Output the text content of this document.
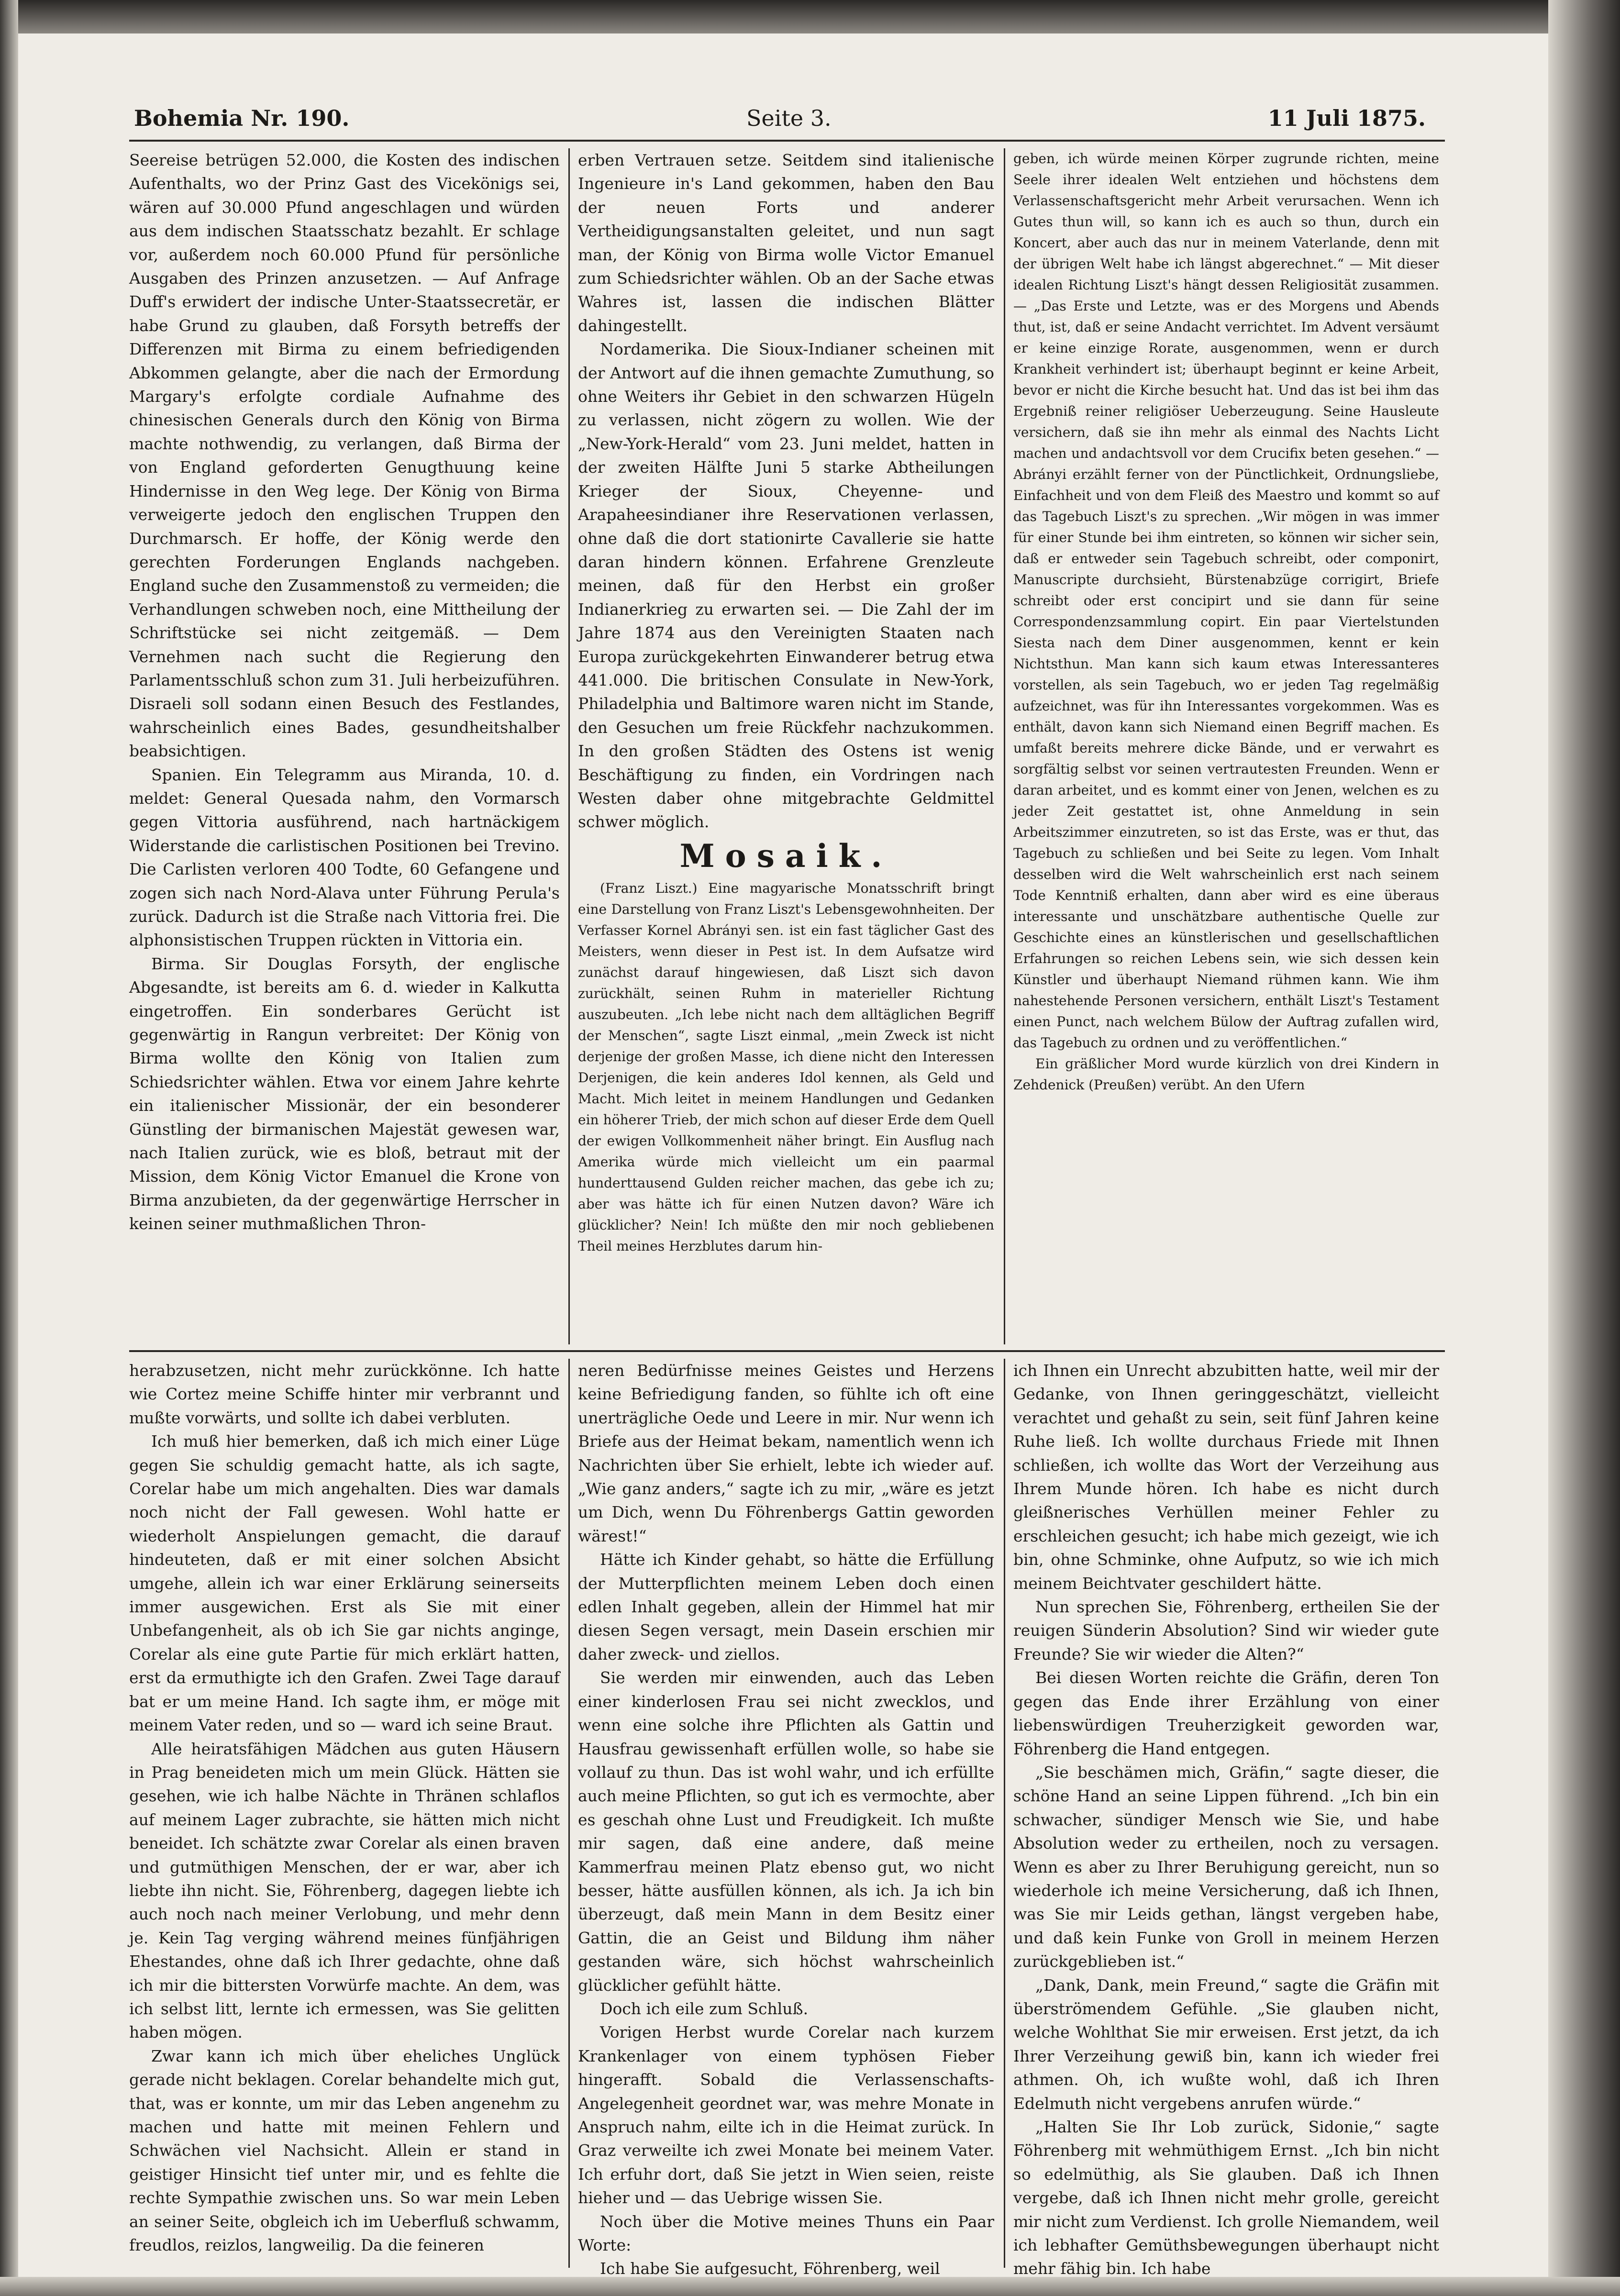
Bohemia Nr. 190.	Seite 3.	11 Juli 1875.

Seereise betrügen 52.000, die Kosten des indischen Aufenthalts, wo der Prinz Gast des Vicekönigs sei, wären auf 30.000 Pfund angeschlagen und würden aus dem indischen Staatsschatz bezahlt. Er schlage vor, außerdem noch 60.000 Pfund für persönliche Ausgaben des Prinzen anzusetzen. — Auf Anfrage Duff's erwidert der indische Unter-Staatssecretär, er habe Grund zu glauben, daß Forsyth betreffs der Differenzen mit Birma zu einem befriedigenden Abkommen gelangte, aber die nach der Ermordung Margary's erfolgte cordiale Aufnahme des chinesischen Generals durch den König von Birma machte nothwendig, zu verlangen, daß Birma der von England geforderten Genugthuung keine Hindernisse in den Weg lege. Der König von Birma verweigerte jedoch den englischen Truppen den Durchmarsch. Er hoffe, der König werde den gerechten Forderungen Englands nachgeben. England suche den Zusammenstoß zu vermeiden; die Verhandlungen schweben noch, eine Mittheilung der Schriftstücke sei nicht zeitgemäß. — Dem Vernehmen nach sucht die Regierung den Parlamentsschluß schon zum 31. Juli herbeizuführen. Disraeli soll sodann einen Besuch des Festlandes, wahrscheinlich eines Bades, gesundheitshalber beabsichtigen.

Spanien. Ein Telegramm aus Miranda, 10. d. meldet: General Quesada nahm, den Vormarsch gegen Vittoria ausführend, nach hartnäckigem Widerstande die carlistischen Positionen bei Trevino. Die Carlisten verloren 400 Todte, 60 Gefangene und zogen sich nach Nord-Alava unter Führung Perula's zurück. Dadurch ist die Straße nach Vittoria frei. Die alphonsistischen Truppen rückten in Vittoria ein.

Birma. Sir Douglas Forsyth, der englische Abgesandte, ist bereits am 6. d. wieder in Kalkutta eingetroffen. Ein sonderbares Gerücht ist gegenwärtig in Rangun verbreitet: Der König von Birma wollte den König von Italien zum Schiedsrichter wählen. Etwa vor einem Jahre kehrte ein italienischer Missionär, der ein besonderer Günstling der birmanischen Majestät gewesen war, nach Italien zurück, wie es bloß, betraut mit der Mission, dem König Victor Emanuel die Krone von Birma anzubieten, da der gegenwärtige Herrscher in keinen seiner muthmaßlichen Thron-

erben Vertrauen setze. Seitdem sind italienische Ingenieure in's Land gekommen, haben den Bau der neuen Forts und anderer Vertheidigungsanstalten geleitet, und nun sagt man, der König von Birma wolle Victor Emanuel zum Schiedsrichter wählen. Ob an der Sache etwas Wahres ist, lassen die indischen Blätter dahingestellt.

Nordamerika. Die Sioux-Indianer scheinen mit der Antwort auf die ihnen gemachte Zumuthung, so ohne Weiters ihr Gebiet in den schwarzen Hügeln zu verlassen, nicht zögern zu wollen. Wie der „New-York-Herald“ vom 23. Juni meldet, hatten in der zweiten Hälfte Juni 5 starke Abtheilungen Krieger der Sioux, Cheyenne- und Arapaheesindianer ihre Reservationen verlassen, ohne daß die dort stationirte Cavallerie sie hatte daran hindern können. Erfahrene Grenzleute meinen, daß für den Herbst ein großer Indianerkrieg zu erwarten sei. — Die Zahl der im Jahre 1874 aus den Vereinigten Staaten nach Europa zurückgekehrten Einwanderer betrug etwa 441.000. Die britischen Consulate in New-York, Philadelphia und Baltimore waren nicht im Stande, den Gesuchen um freie Rückfehr nachzukommen. In den großen Städten des Ostens ist wenig Beschäftigung zu finden, ein Vordringen nach Westen daber ohne mitgebrachte Geldmittel schwer möglich.

Mosaik.

(Franz Liszt.) Eine magyarische Monatsschrift bringt eine Darstellung von Franz Liszt's Lebensgewohnheiten. Der Verfasser Kornel Abrányi sen. ist ein fast täglicher Gast des Meisters, wenn dieser in Pest ist. In dem Aufsatze wird zunächst darauf hingewiesen, daß Liszt sich davon zurückhält, seinen Ruhm in materieller Richtung auszubeuten. „Ich lebe nicht nach dem alltäglichen Begriff der Menschen“, sagte Liszt einmal, „mein Zweck ist nicht derjenige der großen Masse, ich diene nicht den Interessen Derjenigen, die kein anderes Idol kennen, als Geld und Macht. Mich leitet in meinem Handlungen und Gedanken ein höherer Trieb, der mich schon auf dieser Erde dem Quell der ewigen Vollkommenheit näher bringt. Ein Ausflug nach Amerika würde mich vielleicht um ein paarmal hunderttausend Gulden reicher machen, das gebe ich zu; aber was hätte ich für einen Nutzen davon? Wäre ich glücklicher? Nein! Ich müßte den mir noch gebliebenen Theil meines Herzblutes darum hin-

geben, ich würde meinen Körper zugrunde richten, meine Seele ihrer idealen Welt entziehen und höchstens dem Verlassenschaftsgericht mehr Arbeit verursachen. Wenn ich Gutes thun will, so kann ich es auch so thun, durch ein Koncert, aber auch das nur in meinem Vaterlande, denn mit der übrigen Welt habe ich längst abgerechnet.“ — Mit dieser idealen Richtung Liszt's hängt dessen Religiosität zusammen. — „Das Erste und Letzte, was er des Morgens und Abends thut, ist, daß er seine Andacht verrichtet. Im Advent versäumt er keine einzige Rorate, ausgenommen, wenn er durch Krankheit verhindert ist; überhaupt beginnt er keine Arbeit, bevor er nicht die Kirche besucht hat. Und das ist bei ihm das Ergebniß reiner religiöser Ueberzeugung. Seine Hausleute versichern, daß sie ihn mehr als einmal des Nachts Licht machen und andachtsvoll vor dem Crucifix beten gesehen.“ — Abrányi erzählt ferner von der Pünctlichkeit, Ordnungsliebe, Einfachheit und von dem Fleiß des Maestro und kommt so auf das Tagebuch Liszt's zu sprechen. „Wir mögen in was immer für einer Stunde bei ihm eintreten, so können wir sicher sein, daß er entweder sein Tagebuch schreibt, oder componirt, Manuscripte durchsieht, Bürstenabzüge corrigirt, Briefe schreibt oder erst concipirt und sie dann für seine Correspondenzsammlung copirt. Ein paar Viertelstunden Siesta nach dem Diner ausgenommen, kennt er kein Nichtsthun. Man kann sich kaum etwas Interessanteres vorstellen, als sein Tagebuch, wo er jeden Tag regelmäßig aufzeichnet, was für ihn Interessantes vorgekommen. Was es enthält, davon kann sich Niemand einen Begriff machen. Es umfaßt bereits mehrere dicke Bände, und er verwahrt es sorgfältig selbst vor seinen vertrautesten Freunden. Wenn er daran arbeitet, und es kommt einer von Jenen, welchen es zu jeder Zeit gestattet ist, ohne Anmeldung in sein Arbeitszimmer einzutreten, so ist das Erste, was er thut, das Tagebuch zu schließen und bei Seite zu legen. Vom Inhalt desselben wird die Welt wahrscheinlich erst nach seinem Tode Kenntniß erhalten, dann aber wird es eine überaus interessante und unschätzbare authentische Quelle zur Geschichte eines an künstlerischen und gesellschaftlichen Erfahrungen so reichen Lebens sein, wie sich dessen kein Künstler und überhaupt Niemand rühmen kann. Wie ihm nahestehende Personen versichern, enthält Liszt's Testament einen Punct, nach welchem Bülow der Auftrag zufallen wird, das Tagebuch zu ordnen und zu veröffentlichen.“

Ein gräßlicher Mord wurde kürzlich von drei Kindern in Zehdenick (Preußen) verübt. An den Ufern

herabzusetzen, nicht mehr zurückkönne. Ich hatte wie Cortez meine Schiffe hinter mir verbrannt und mußte vorwärts, und sollte ich dabei verbluten.

Ich muß hier bemerken, daß ich mich einer Lüge gegen Sie schuldig gemacht hatte, als ich sagte, Corelar habe um mich angehalten. Dies war damals noch nicht der Fall gewesen. Wohl hatte er wiederholt Anspielungen gemacht, die darauf hindeuteten, daß er mit einer solchen Absicht umgehe, allein ich war einer Erklärung seinerseits immer ausgewichen. Erst als Sie mit einer Unbefangenheit, als ob ich Sie gar nichts anginge, Corelar als eine gute Partie für mich erklärt hatten, erst da ermuthigte ich den Grafen. Zwei Tage darauf bat er um meine Hand. Ich sagte ihm, er möge mit meinem Vater reden, und so — ward ich seine Braut.

Alle heiratsfähigen Mädchen aus guten Häusern in Prag beneideten mich um mein Glück. Hätten sie gesehen, wie ich halbe Nächte in Thränen schlaflos auf meinem Lager zubrachte, sie hätten mich nicht beneidet. Ich schätzte zwar Corelar als einen braven und gutmüthigen Menschen, der er war, aber ich liebte ihn nicht. Sie, Föhrenberg, dagegen liebte ich auch noch nach meiner Verlobung, und mehr denn je. Kein Tag verging während meines fünfjährigen Ehestandes, ohne daß ich Ihrer gedachte, ohne daß ich mir die bittersten Vorwürfe machte. An dem, was ich selbst litt, lernte ich ermessen, was Sie gelitten haben mögen.

Zwar kann ich mich über eheliches Unglück gerade nicht beklagen. Corelar behandelte mich gut, that, was er konnte, um mir das Leben angenehm zu machen und hatte mit meinen Fehlern und Schwächen viel Nachsicht. Allein er stand in geistiger Hinsicht tief unter mir, und es fehlte die rechte Sympathie zwischen uns. So war mein Leben an seiner Seite, obgleich ich im Ueberfluß schwamm, freudlos, reizlos, langweilig. Da die feineren

neren Bedürfnisse meines Geistes und Herzens keine Befriedigung fanden, so fühlte ich oft eine unerträgliche Oede und Leere in mir. Nur wenn ich Briefe aus der Heimat bekam, namentlich wenn ich Nachrichten über Sie erhielt, lebte ich wieder auf. „Wie ganz anders,“ sagte ich zu mir, „wäre es jetzt um Dich, wenn Du Föhrenbergs Gattin geworden wärest!“

Hätte ich Kinder gehabt, so hätte die Erfüllung der Mutterpflichten meinem Leben doch einen edlen Inhalt gegeben, allein der Himmel hat mir diesen Segen versagt, mein Dasein erschien mir daher zweck- und ziellos.

Sie werden mir einwenden, auch das Leben einer kinderlosen Frau sei nicht zwecklos, und wenn eine solche ihre Pflichten als Gattin und Hausfrau gewissenhaft erfüllen wolle, so habe sie vollauf zu thun. Das ist wohl wahr, und ich erfüllte auch meine Pflichten, so gut ich es vermochte, aber es geschah ohne Lust und Freudigkeit. Ich mußte mir sagen, daß eine andere, daß meine Kammerfrau meinen Platz ebenso gut, wo nicht besser, hätte ausfüllen können, als ich. Ja ich bin überzeugt, daß mein Mann in dem Besitz einer Gattin, die an Geist und Bildung ihm näher gestanden wäre, sich höchst wahrscheinlich glücklicher gefühlt hätte.

Doch ich eile zum Schluß.

Vorigen Herbst wurde Corelar nach kurzem Krankenlager von einem typhösen Fieber hingerafft. Sobald die Verlassenschafts-Angelegenheit geordnet war, was mehre Monate in Anspruch nahm, eilte ich in die Heimat zurück. In Graz verweilte ich zwei Monate bei meinem Vater. Ich erfuhr dort, daß Sie jetzt in Wien seien, reiste hieher und — das Uebrige wissen Sie.

Noch über die Motive meines Thuns ein Paar Worte:

Ich habe Sie aufgesucht, Föhrenberg, weil

ich Ihnen ein Unrecht abzubitten hatte, weil mir der Gedanke, von Ihnen geringgeschätzt, vielleicht verachtet und gehaßt zu sein, seit fünf Jahren keine Ruhe ließ. Ich wollte durchaus Friede mit Ihnen schließen, ich wollte das Wort der Verzeihung aus Ihrem Munde hören. Ich habe es nicht durch gleißnerisches Verhüllen meiner Fehler zu erschleichen gesucht; ich habe mich gezeigt, wie ich bin, ohne Schminke, ohne Aufputz, so wie ich mich meinem Beichtvater geschildert hätte.

Nun sprechen Sie, Föhrenberg, ertheilen Sie der reuigen Sünderin Absolution? Sind wir wieder gute Freunde? Sie wir wieder die Alten?“

Bei diesen Worten reichte die Gräfin, deren Ton gegen das Ende ihrer Erzählung von einer liebenswürdigen Treuherzigkeit geworden war, Föhrenberg die Hand entgegen.

„Sie beschämen mich, Gräfin,“ sagte dieser, die schöne Hand an seine Lippen führend. „Ich bin ein schwacher, sündiger Mensch wie Sie, und habe Absolution weder zu ertheilen, noch zu versagen. Wenn es aber zu Ihrer Beruhigung gereicht, nun so wiederhole ich meine Versicherung, daß ich Ihnen, was Sie mir Leids gethan, längst vergeben habe, und daß kein Funke von Groll in meinem Herzen zurückgeblieben ist.“

„Dank, Dank, mein Freund,“ sagte die Gräfin mit überströmendem Gefühle. „Sie glauben nicht, welche Wohlthat Sie mir erweisen. Erst jetzt, da ich Ihrer Verzeihung gewiß bin, kann ich wieder frei athmen. Oh, ich wußte wohl, daß ich Ihren Edelmuth nicht vergebens anrufen würde.“

„Halten Sie Ihr Lob zurück, Sidonie,“ sagte Föhrenberg mit wehmüthigem Ernst. „Ich bin nicht so edelmüthig, als Sie glauben. Daß ich Ihnen vergebe, daß ich Ihnen nicht mehr grolle, gereicht mir nicht zum Verdienst. Ich grolle Niemandem, weil ich lebhafter Gemüthsbewegungen überhaupt nicht mehr fähig bin. Ich habe
